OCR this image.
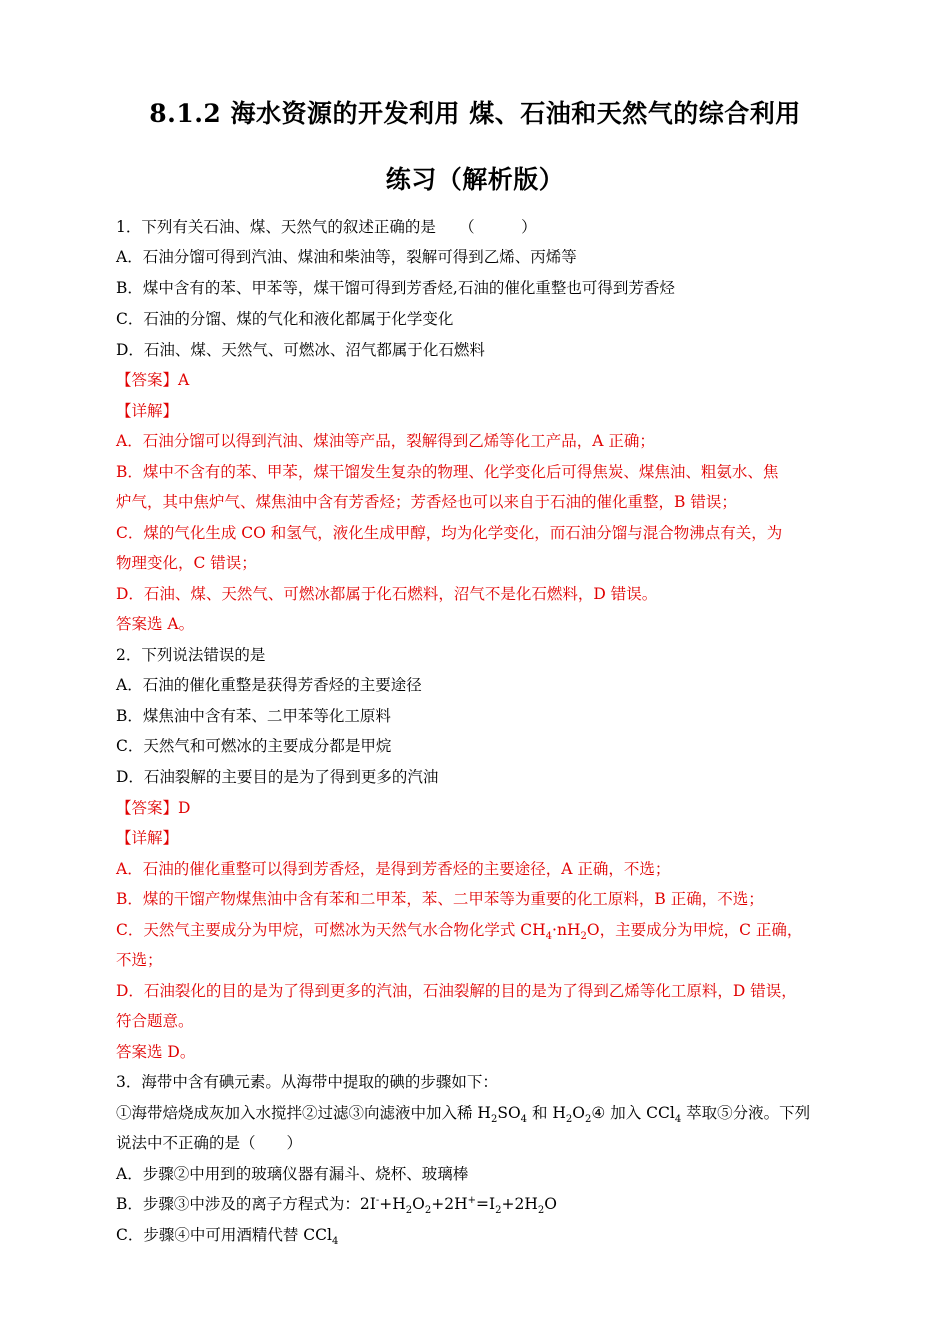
8.1.2 海水资源的开发利用 煤、石油和天然气的综合利用
练习（解析版）
1．下列有关石油、煤、天然气的叙述正确的是　　（　　　）
A．石油分馏可得到汽油、煤油和柴油等，裂解可得到乙烯、丙烯等
B．煤中含有的苯、甲苯等，煤干馏可得到芳香烃,石油的催化重整也可得到芳香烃
C．石油的分馏、煤的气化和液化都属于化学变化
D．石油、煤、天然气、可燃冰、沼气都属于化石燃料
【答案】A
【详解】
A．石油分馏可以得到汽油、煤油等产品，裂解得到乙烯等化工产品，A 正确；
B．煤中不含有的苯、甲苯，煤干馏发生复杂的物理、化学变化后可得焦炭、煤焦油、粗氨水、焦
炉气，其中焦炉气、煤焦油中含有芳香烃；芳香烃也可以来自于石油的催化重整，B 错误；
C．煤的气化生成 CO 和氢气，液化生成甲醇，均为化学变化，而石油分馏与混合物沸点有关，为
物理变化，C 错误；
D．石油、煤、天然气、可燃冰都属于化石燃料，沼气不是化石燃料，D 错误。
答案选 A。
2．下列说法错误的是
A．石油的催化重整是获得芳香烃的主要途径
B．煤焦油中含有苯、二甲苯等化工原料
C．天然气和可燃冰的主要成分都是甲烷
D．石油裂解的主要目的是为了得到更多的汽油
【答案】D
【详解】
A．石油的催化重整可以得到芳香烃，是得到芳香烃的主要途径，A 正确，不选；
B．煤的干馏产物煤焦油中含有苯和二甲苯，苯、二甲苯等为重要的化工原料，B 正确，不选；
C．天然气主要成分为甲烷，可燃冰为天然气水合物化学式 $CH_4\cdot nH_2O$，主要成分为甲烷，C 正确，
不选；
D．石油裂化的目的是为了得到更多的汽油，石油裂解的目的是为了得到乙烯等化工原料，D 错误，
符合题意。
答案选 D。
3．海带中含有碘元素。从海带中提取的碘的步骤如下：
①海带焙烧成灰加入水搅拌②过滤③向滤液中加入稀 $H_2SO_4$ 和 $H_2O_2④$ 加入 CCl$_4$ 萃取⑤分液。下列
说法中不正确的是（　　）
A．步骤②中用到的玻璃仪器有漏斗、烧杯、玻璃棒
B．步骤③中涉及的离子方程式为：$2I^-+H_2O_2+2H^+=I_2+2H_2O$
C．步骤④中可用酒精代替 CCl$_4$
